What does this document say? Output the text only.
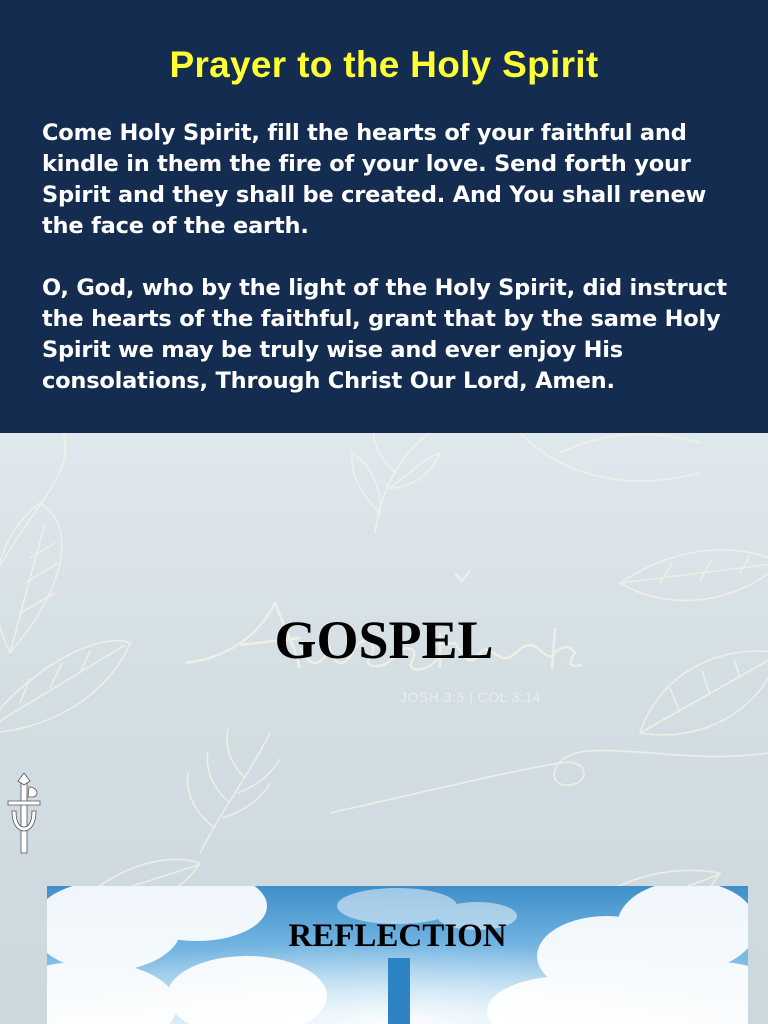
Prayer to the Holy Spirit

Come Holy Spirit, fill the hearts of your faithful and kindle in them the fire of your love. Send forth your Spirit and they shall be created. And You shall renew the face of the earth.

O, God, who by the light of the Holy Spirit, did instruct the hearts of the faithful, grant that by the same Holy Spirit we may be truly wise and ever enjoy His consolations, Through Christ Our Lord, Amen.

GOSPEL
JOSH 3:5 | COL 3:14
REFLECTION
